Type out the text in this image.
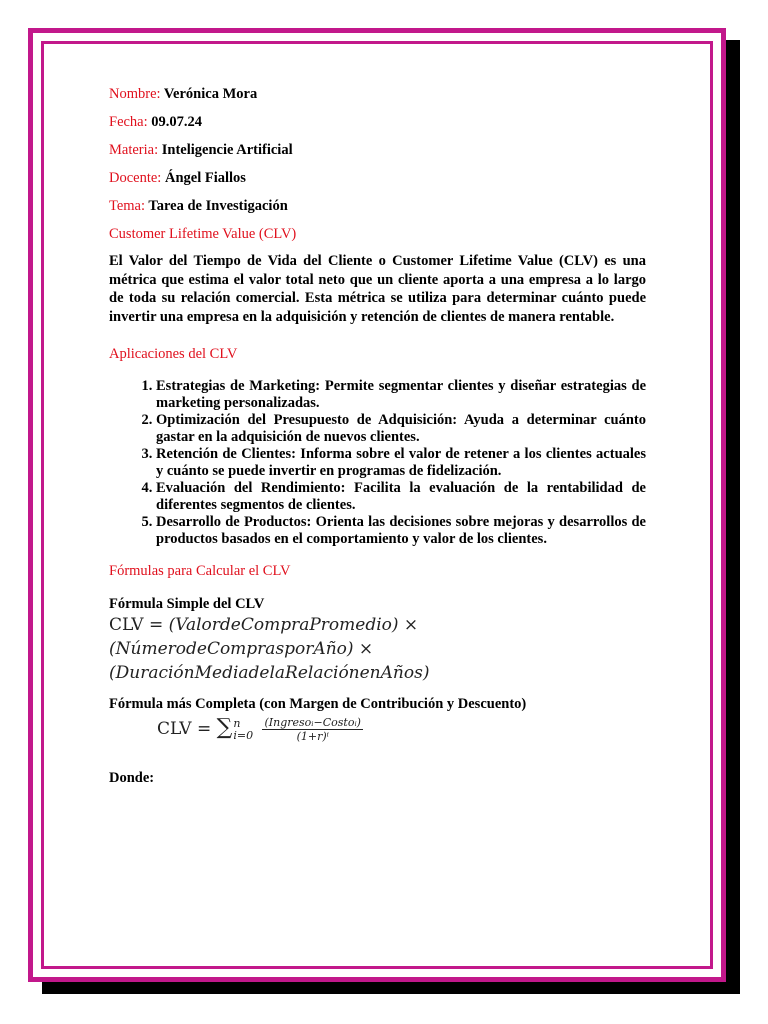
Nombre: Verónica Mora

Fecha: 09.07.24

Materia: Inteligencie Artificial

Docente: Ángel Fiallos

Tema: Tarea de Investigación

Customer Lifetime Value (CLV)

El Valor del Tiempo de Vida del Cliente o Customer Lifetime Value (CLV) es una métrica que estima el valor total neto que un cliente aporta a una empresa a lo largo de toda su relación comercial. Esta métrica se utiliza para determinar cuánto puede invertir una empresa en la adquisición y retención de clientes de manera rentable.

Aplicaciones del CLV

1. Estrategias de Marketing: Permite segmentar clientes y diseñar estrategias de marketing personalizadas.
2. Optimización del Presupuesto de Adquisición: Ayuda a determinar cuánto gastar en la adquisición de nuevos clientes.
3. Retención de Clientes: Informa sobre el valor de retener a los clientes actuales y cuánto se puede invertir en programas de fidelización.
4. Evaluación del Rendimiento: Facilita la evaluación de la rentabilidad de diferentes segmentos de clientes.
5. Desarrollo de Productos: Orienta las decisiones sobre mejoras y desarrollos de productos basados en el comportamiento y valor de los clientes.

Fórmulas para Calcular el CLV

Fórmula Simple del CLV

CLV = (ValordeCompraPromedio) × (NúmerodeComprasporAño) ×
(DuraciónMediadelaRelaciónenAños)

Fórmula más Completa (con Margen de Contribución y Descuento)

CLV = ∑ n
i=0
$\frac{\text{(Ingresoᵢ−Costoᵢ)}}{\text{(1+r)ⁱ}}$

Donde:
